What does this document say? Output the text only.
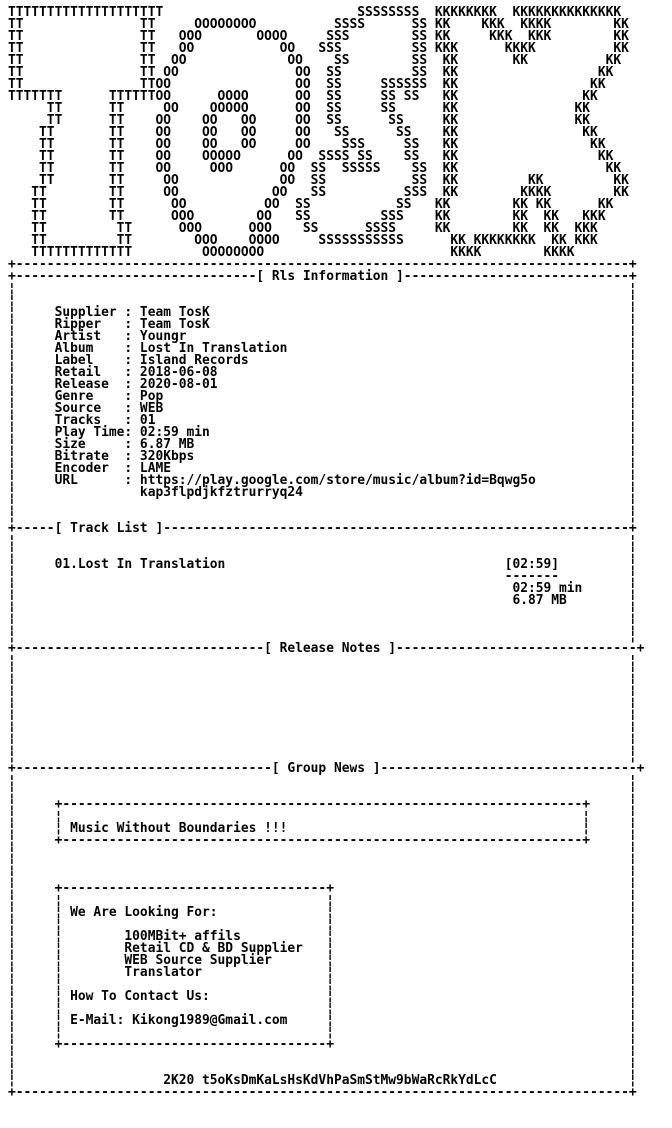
TTTTTTTTTTTTTTTTTTTT                         SSSSSSSS  KKKKKKKK  KKKKKKKKKKKKKK
TT               TT     OOOOOOOO          SSSS      SS KK    KKK  KKKK        KK
TT               TT   OOO       OOOO     SSS        SS KK     KKK  KKK        KK
TT               TT   OO           OO   SSS         SS KKK      KKKK          KK
TT               TT  OO             OO    SS        SS  KK       KK          KK
TT               TT OO               OO  SS         SS  KK                  KK
TT               TTOO                OO  SS     SSSSSS  KK                 KK
TTTTTTT      TTTTTTOO      OOOO      OO  SS     SS SS   KK                KK
TT      TT     OO    OOOOO      OO  SS     SS      KK               KK
TT      TT    OO    OO   OO     OO  SS      SS     KK               KK
TT       TT    OO    OO   OO     OO   SS      SS    KK                KK
TT       TT    OO    OO   OO     OO    SSS     SS   KK                 KK
TT       TT    OO    OOOOO      OO  SSSS SS    SS   KK                  KK
TT       TT    OO     OOO      OO  SS  SSSSS    SS  KK                   KK
TT       TT     OO             OO  SS           SS  KK         KK         KK
TT        TT     OO            OO   SS          SSS  KK        KKKK        KK
TT        TT      OO          OO  SS           SS   KK        KK KK      KK
TT        TT      OOO        OO   SS         SSS    KK        KK  KK   KKK
TT         TT      OOO      OOO    SS      SSSS     KK        KK  KK  KKK
TT         TT        OOO    OOOO     SSSSSSSSSSS      KK KKKKKKKK  KK KKK
TTTTTTTTTTTTT         OOOOOOOO                        KKKK        KKKK
+-------------------------------------------------------------------------------+
+-------------------------------[ Rls Information ]-----------------------------+
¦                                                                               ¦
¦                                                                               ¦
¦     Supplier : Team TosK                                                      ¦
¦     Ripper   : Team TosK                                                      ¦
¦     Artist   : Youngr                                                         ¦
¦     Album    : Lost In Translation                                            ¦
¦     Label    : Island Records                                                 ¦
¦     Retail   : 2018-06-08                                                     ¦
¦     Release  : 2020-08-01                                                     ¦
¦     Genre    : Pop                                                            ¦
¦     Source   : WEB                                                            ¦
¦     Tracks   : 01                                                             ¦
¦     Play Time: 02:59 min                                                      ¦
¦     Size     : 6.87 MB                                                        ¦
¦     Bitrate  : 320Kbps                                                        ¦
¦     Encoder  : LAME                                                           ¦
¦     URL      : https://play.google.com/store/music/album?id=Bqwg5o            ¦
¦                kap3flpdjkfztrurryq24                                          ¦
¦                                                                               ¦
¦                                                                               ¦
+-----[ Track List ]------------------------------------------------------------+
¦                                                                               ¦
¦                                                                               ¦
¦     01.Lost In Translation                                    [02:59]         ¦
¦                                                               -------         ¦
¦                                                                02:59 min      ¦
¦                                                                6.87 MB        ¦
¦                                                                               ¦
¦                                                                               ¦
¦                                                                               ¦
+--------------------------------[ Release Notes ]-------------------------------+
¦                                                                               ¦
¦                                                                               ¦
¦                                                                               ¦
¦                                                                               ¦
¦                                                                               ¦
¦                                                                               ¦
¦                                                                               ¦
¦                                                                               ¦
¦                                                                               ¦
+---------------------------------[ Group News ]---------------------------------+
¦                                                                               ¦
¦                                                                               ¦
¦     +-------------------------------------------------------------------+     ¦
¦     ¦                                                                   ¦     ¦
¦     ¦ Music Without Boundaries !!!                                      ¦     ¦
¦     +-------------------------------------------------------------------+     ¦
¦                                                                               ¦
¦                                                                               ¦
¦                                                                               ¦
¦     +----------------------------------+                                      ¦
¦     ¦                                  ¦                                      ¦
¦     ¦ We Are Looking For:              ¦                                      ¦
¦     ¦                                  ¦                                      ¦
¦     ¦        100MBit+ affils           ¦                                      ¦
¦     ¦        Retail CD & BD Supplier   ¦                                      ¦
¦     ¦        WEB Source Supplier       ¦                                      ¦
¦     ¦        Translator                ¦                                      ¦
¦     ¦                                  ¦                                      ¦
¦     ¦ How To Contact Us:               ¦                                      ¦
¦     ¦                                  ¦                                      ¦
¦     ¦ E-Mail: Kikong1989@Gmail.com     ¦                                      ¦
¦     ¦                                  ¦                                      ¦
¦     +----------------------------------+                                      ¦
¦                                                                               ¦
¦                                                                               ¦
¦                   2K20 t5oKsDmKaLsHsKdVhPaSmStMw9bWaRcRkYdLcC                 ¦
+-------------------------------------------------------------------------------+
